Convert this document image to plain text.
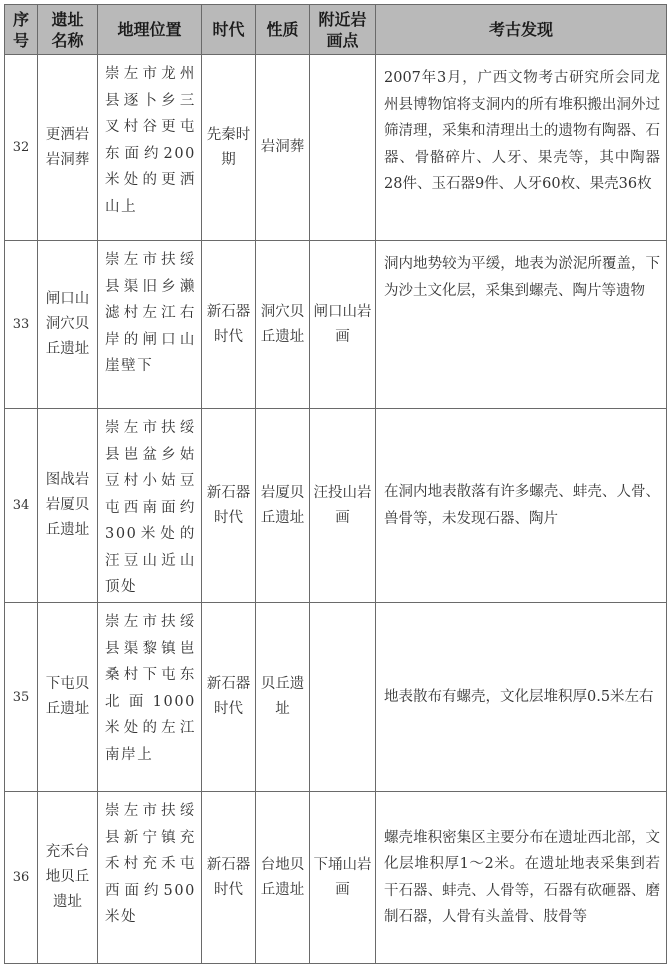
序号	遗址名称	地理位置	时代	性质	附近岩画点	考古发现
32	更洒岩岩洞葬	崇左市龙州县逐卜乡三叉村谷更屯东面约200米处的更洒山上	先秦时期	岩洞葬		2007年3月，广西文物考古研究所会同龙州县博物馆将支洞内的所有堆积搬出洞外过筛清理，采集和清理出土的遗物有陶器、石器、骨骼碎片、人牙、果壳等，其中陶器28件、玉石器9件、人牙60枚、果壳36枚
33	闸口山洞穴贝丘遗址	崇左市扶绥县渠旧乡濑滤村左江右岸的闸口山崖壁下	新石器时代	洞穴贝丘遗址	闸口山岩画	洞内地势较为平缓，地表为淤泥所覆盖，下为沙土文化层，采集到螺壳、陶片等遗物
34	图战岩岩厦贝丘遗址	崇左市扶绥县岜盆乡姑豆村小姑豆屯西南面约300米处的汪豆山近山顶处	新石器时代	岩厦贝丘遗址	汪投山岩画	在洞内地表散落有许多螺壳、蚌壳、人骨、兽骨等，未发现石器、陶片
35	下屯贝丘遗址	崇左市扶绥县渠黎镇岜桑村下屯东北面1000米处的左江南岸上	新石器时代	贝丘遗址		地表散布有螺壳，文化层堆积厚0.5米左右
36	充禾台地贝丘遗址	崇左市扶绥县新宁镇充禾村充禾屯西面约500米处	新石器时代	台地贝丘遗址	下埇山岩画	螺壳堆积密集区主要分布在遗址西北部，文化层堆积厚1～2米。在遗址地表采集到若干石器、蚌壳、人骨等，石器有砍砸器、磨制石器，人骨有头盖骨、肢骨等
